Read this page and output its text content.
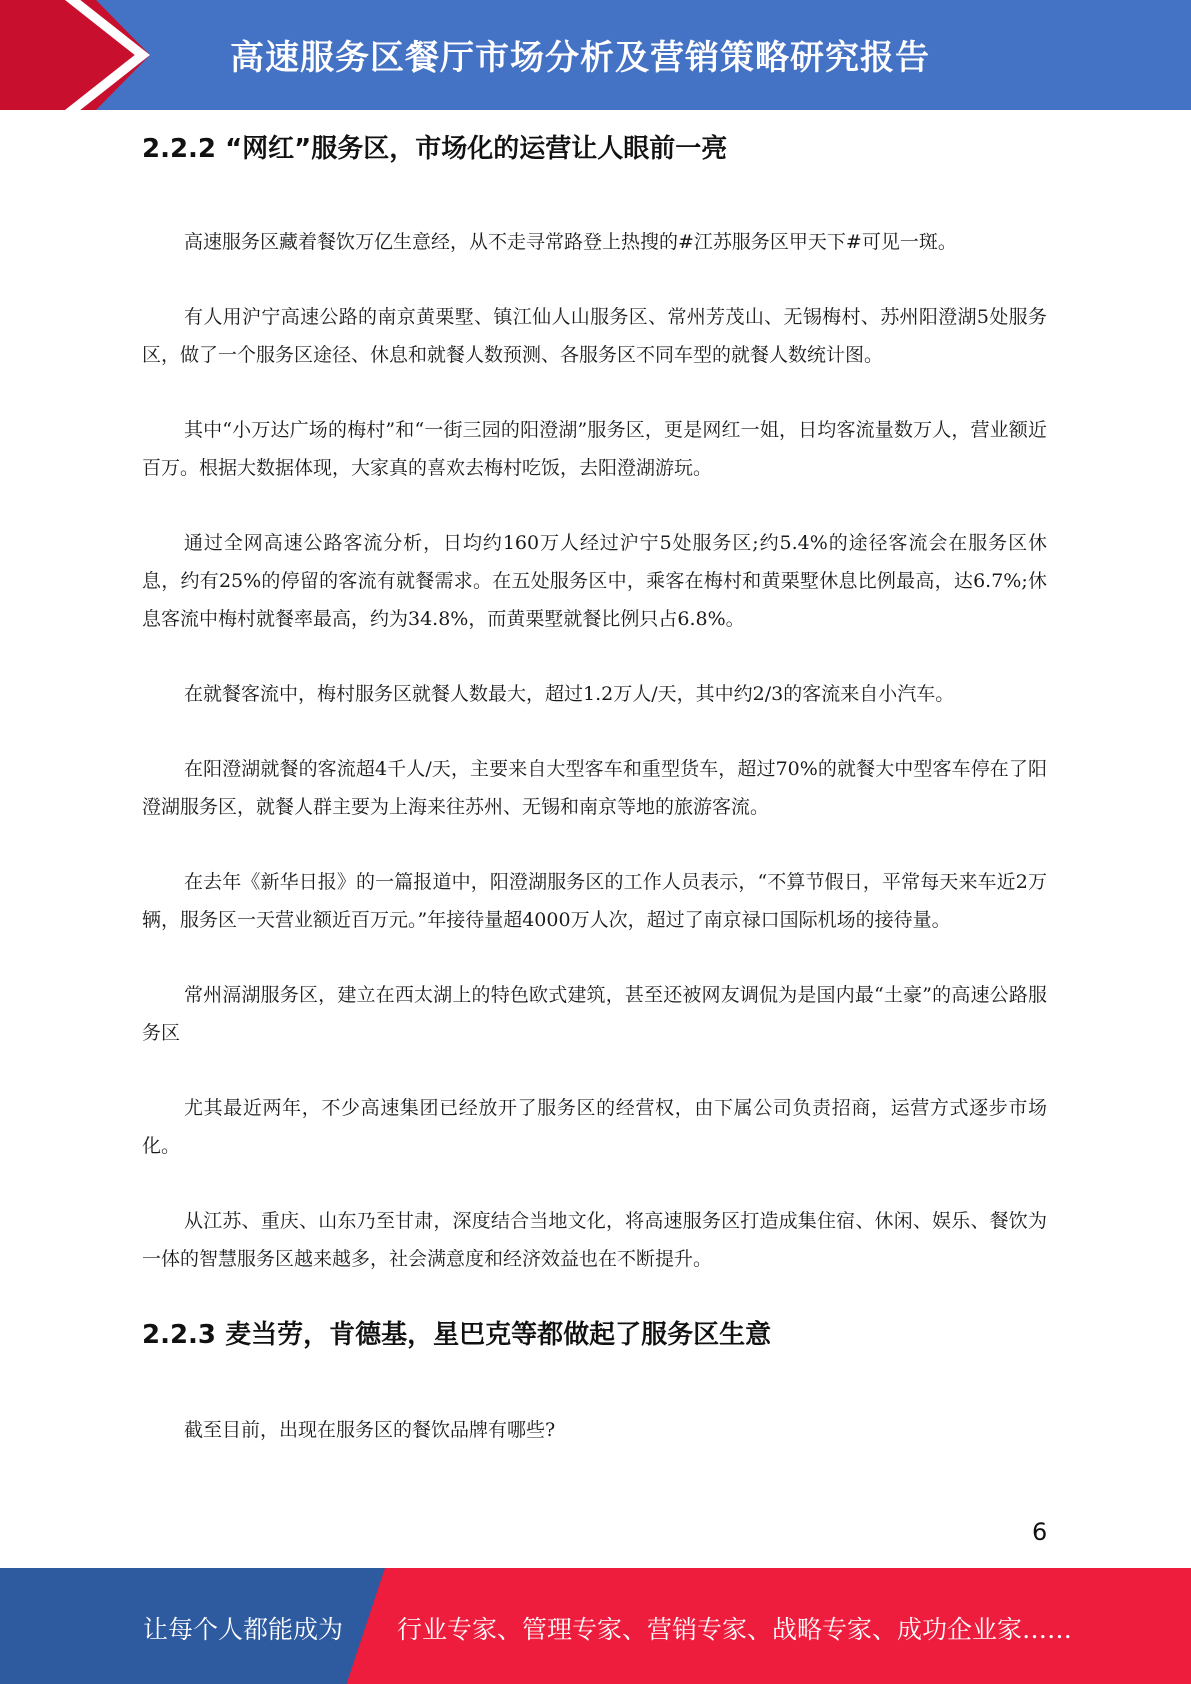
高速服务区餐厅市场分析及营销策略研究报告
2.2.2 “网红”服务区，市场化的运营让人眼前一亮

高速服务区藏着餐饮万亿生意经，从不走寻常路登上热搜的#江苏服务区甲天下#可见一斑。

有人用沪宁高速公路的南京黄栗墅、镇江仙人山服务区、常州芳茂山、无锡梅村、苏州阳澄湖5处服务区，做了一个服务区途径、休息和就餐人数预测、各服务区不同车型的就餐人数统计图。

其中“小万达广场的梅村”和“一街三园的阳澄湖”服务区，更是网红一姐，日均客流量数万人，营业额近百万。根据大数据体现，大家真的喜欢去梅村吃饭，去阳澄湖游玩。

通过全网高速公路客流分析，日均约160万人经过沪宁5处服务区;约5.4%的途径客流会在服务区休息，约有25%的停留的客流有就餐需求。在五处服务区中，乘客在梅村和黄栗墅休息比例最高，达6.7%;休息客流中梅村就餐率最高，约为34.8%，而黄栗墅就餐比例只占6.8%。

在就餐客流中，梅村服务区就餐人数最大，超过1.2万人/天，其中约2/3的客流来自小汽车。

在阳澄湖就餐的客流超4千人/天，主要来自大型客车和重型货车，超过70%的就餐大中型客车停在了阳澄湖服务区，就餐人群主要为上海来往苏州、无锡和南京等地的旅游客流。

在去年《新华日报》的一篇报道中，阳澄湖服务区的工作人员表示，“不算节假日，平常每天来车近2万辆，服务区一天营业额近百万元。”年接待量超4000万人次，超过了南京禄口国际机场的接待量。

常州滆湖服务区，建立在西太湖上的特色欧式建筑，甚至还被网友调侃为是国内最“土豪”的高速公路服务区

尤其最近两年，不少高速集团已经放开了服务区的经营权，由下属公司负责招商，运营方式逐步市场化。

从江苏、重庆、山东乃至甘肃，深度结合当地文化，将高速服务区打造成集住宿、休闲、娱乐、餐饮为一体的智慧服务区越来越多，社会满意度和经济效益也在不断提升。

2.2.3 麦当劳，肯德基，星巴克等都做起了服务区生意

截至目前，出现在服务区的餐饮品牌有哪些?

6
让每个人都能成为 行业专家、管理专家、营销专家、战略专家、成功企业家……
